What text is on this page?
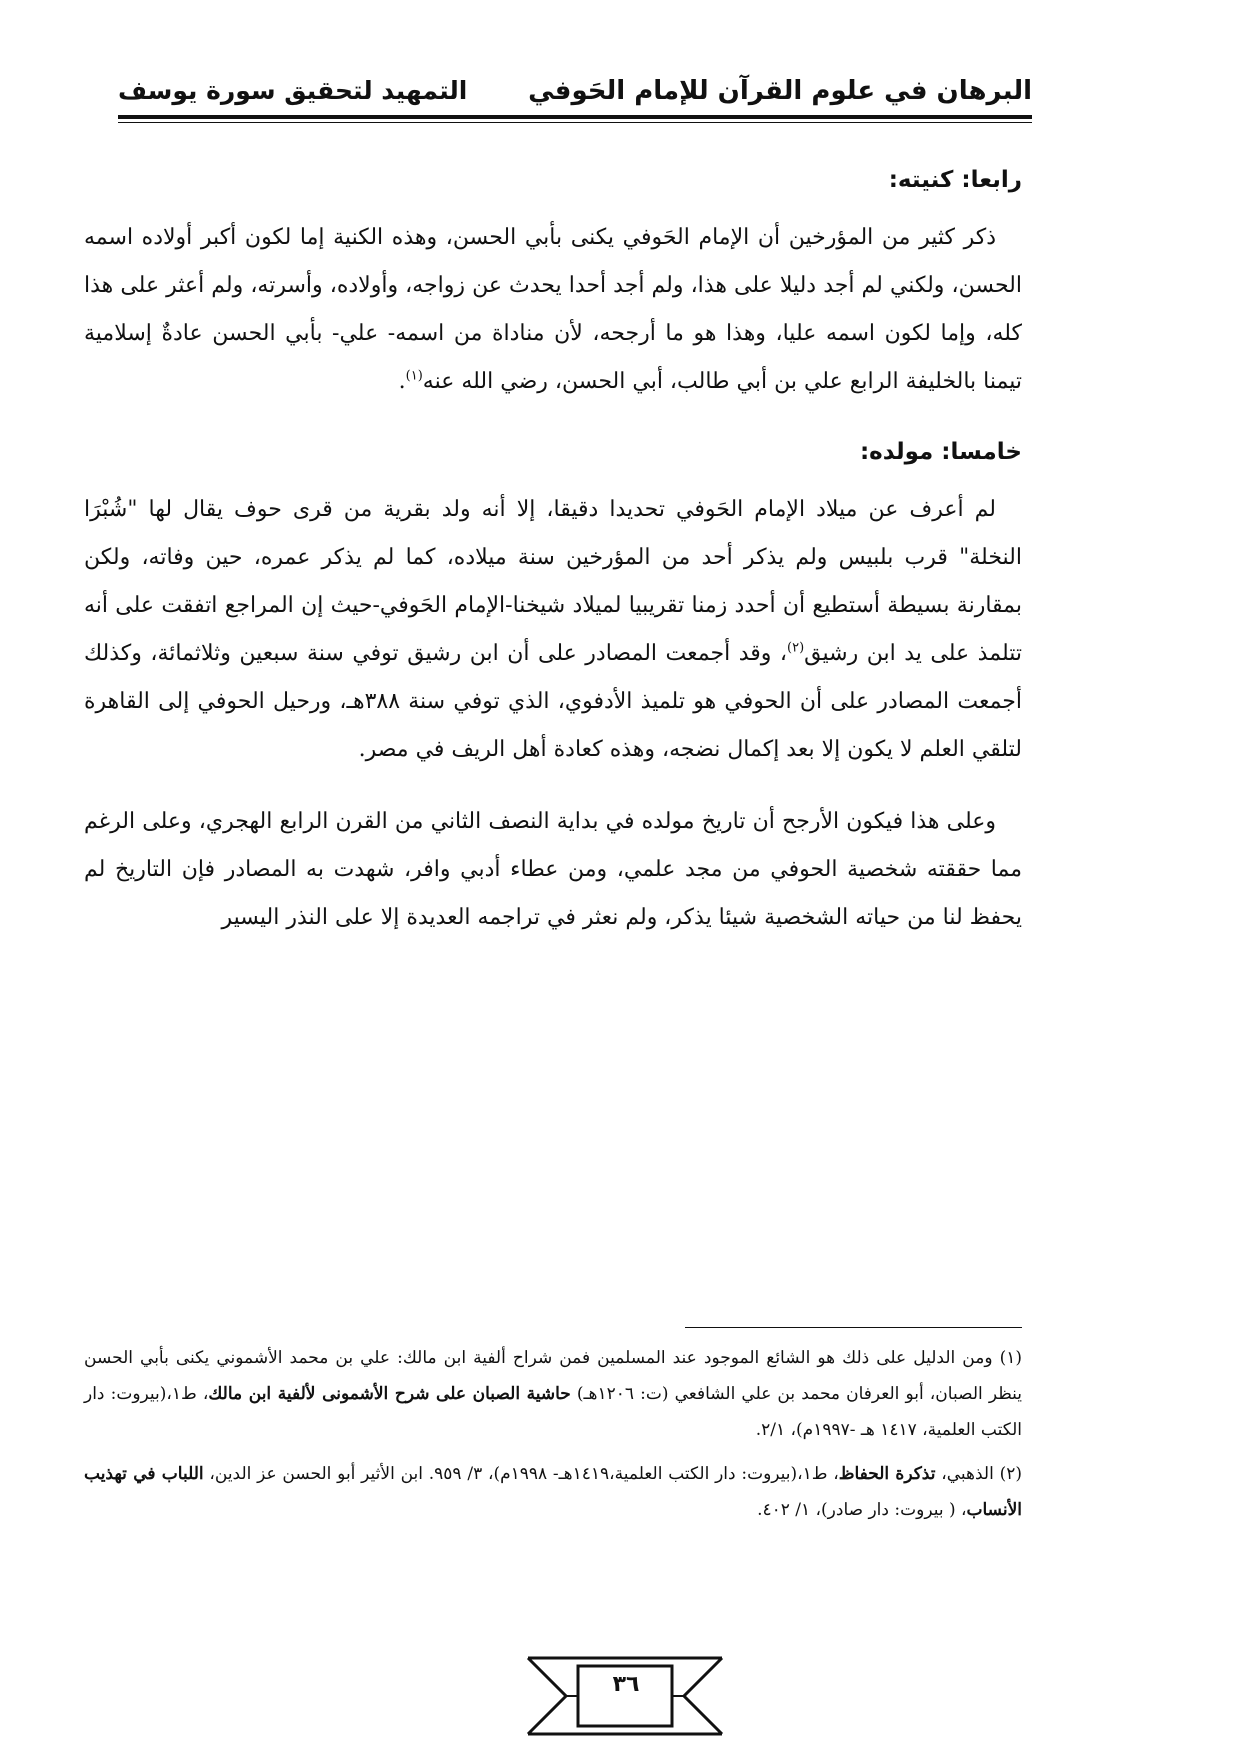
البرهان في علوم القرآن للإمام الحَوفي
التمهيد لتحقيق سورة يوسف
رابعا: كنيته:

ذكر كثير من المؤرخين أن الإمام الحَوفي يكنى بأبي الحسن، وهذه الكنية إما لكون أكبر أولاده اسمه الحسن، ولكني لم أجد دليلا على هذا، ولم أجد أحدا يحدث عن زواجه، وأولاده، وأسرته، ولم أعثر على هذا كله، وإما لكون اسمه عليا، وهذا هو ما أرجحه، لأن مناداة من اسمه- علي- بأبي الحسن عادةٌ إسلامية تيمنا بالخليفة الرابع علي بن أبي طالب، أبي الحسن، رضي الله عنه$^{(١)}$.

خامسا: مولده:

لم أعرف عن ميلاد الإمام الحَوفي تحديدا دقيقا، إلا أنه ولد بقرية من قرى حوف يقال لها "شُبْرَا النخلة" قرب بلبيس ولم يذكر أحد من المؤرخين سنة ميلاده، كما لم يذكر عمره، حين وفاته، ولكن بمقارنة بسيطة أستطيع أن أحدد زمنا تقريبيا لميلاد شيخنا-الإمام الحَوفي-حيث إن المراجع اتفقت على أنه تتلمذ على يد ابن رشيق$^{(٢)}$، وقد أجمعت المصادر على أن ابن رشيق توفي سنة سبعين وثلاثمائة، وكذلك أجمعت المصادر على أن الحوفي هو تلميذ الأدفوي، الذي توفي سنة ٣٨٨هـ، ورحيل الحوفي إلى القاهرة لتلقي العلم لا يكون إلا بعد إكمال نضجه، وهذه كعادة أهل الريف في مصر.

وعلى هذا فيكون الأرجح أن تاريخ مولده في بداية النصف الثاني من القرن الرابع الهجري، وعلى الرغم مما حققته شخصية الحوفي من مجد علمي، ومن عطاء أدبي وافر، شهدت به المصادر فإن التاريخ لم يحفظ لنا من حياته الشخصية شيئا يذكر، ولم نعثر في تراجمه العديدة إلا على النذر اليسير

(١) ومن الدليل على ذلك هو الشائع الموجود عند المسلمين فمن شراح ألفية ابن مالك: علي بن محمد الأشموني يكنى بأبي الحسن ينظر الصبان، أبو العرفان محمد بن علي الشافعي (ت: ١٢٠٦هـ) حاشية الصبان على شرح الأشمونى لألفية ابن مالك، ط١،(بيروت: دار الكتب العلمية، ١٤١٧ هـ -١٩٩٧م)، ٢/١.

(٢) الذهبي، تذكرة الحفاظ، ط١،(بيروت: دار الكتب العلمية،١٤١٩هـ- ١٩٩٨م)، ٣/ ٩٥٩. ابن الأثير أبو الحسن عز الدين، اللباب في تهذيب الأنساب، ( بيروت: دار صادر)، ١/ ٤٠٢.

٣٦
